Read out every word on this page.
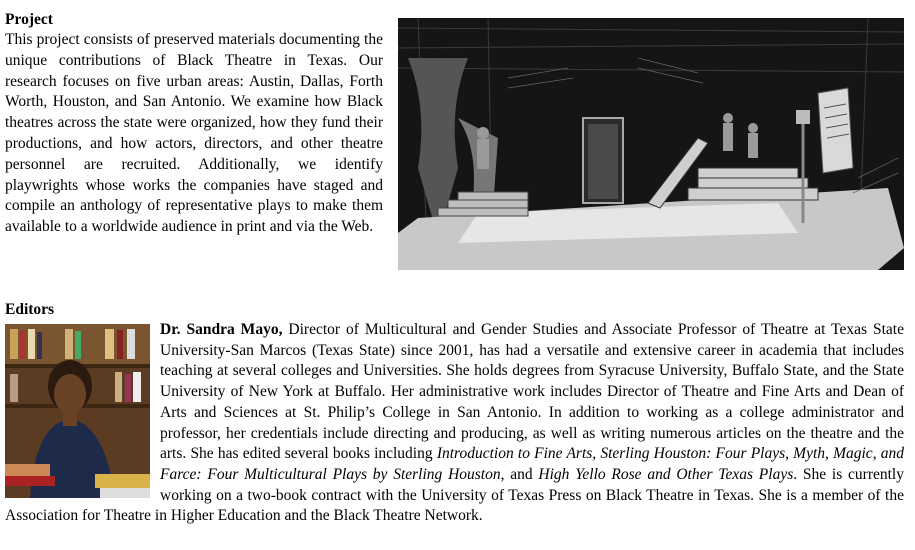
Project

This project consists of preserved materials documenting the unique contributions of Black Theatre in Texas. Our research focuses on five urban areas: Austin, Dallas, Forth Worth, Houston, and San Antonio. We examine how Black theatres across the state were organized, how they fund their productions, and how actors, directors, and other theatre personnel are recruited. Additionally, we identify playwrights whose works the companies have staged and compile an anthology of representative plays to make them available to a worldwide audience in print and via the Web.

Editors

Dr. Sandra Mayo, Director of Multicultural and Gender Studies and Associate Professor of Theatre at Texas State University-San Marcos (Texas State) since 2001, has had a versatile and extensive career in academia that includes teaching at several colleges and Universities. She holds degrees from Syracuse University, Buffalo State, and the State University of New York at Buffalo. Her administrative work includes Director of Theatre and Fine Arts and Dean of Arts and Sciences at St. Philip’s College in San Antonio. In addition to working as a college administrator and professor, her credentials include directing and producing, as well as writing numerous articles on the theatre and the arts. She has edited several books including Introduction to Fine Arts, Sterling Houston: Four Plays, Myth, Magic, and Farce: Four Multicultural Plays by Sterling Houston, and High Yello Rose and Other Texas Plays. She is currently working on a two-book contract with the University of Texas Press on Black Theatre in Texas. She is a member of the Association for Theatre in Higher Education and the Black Theatre Network.
